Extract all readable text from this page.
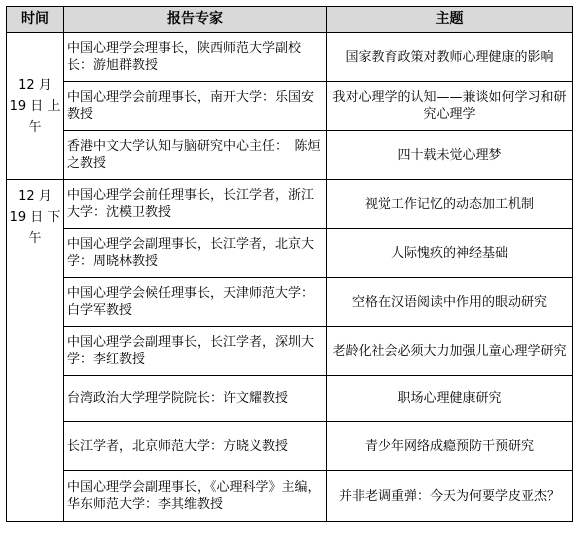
时间	报告专家	主题
12 月 19 日 上午	中国心理学会理事长，陕西师范大学副校长：游旭群教授	国家教育政策对教师心理健康的影响
	中国心理学会前理事长，南开大学：乐国安教授	我对心理学的认知——兼谈如何学习和研究心理学
	香港中文大学认知与脑研究中心主任：　陈烜之教授	四十载未觉心理梦
12 月 19 日 下午	中国心理学会前任理事长，长江学者，浙江大学：沈模卫教授	视觉工作记忆的动态加工机制
	中国心理学会副理事长，长江学者，北京大学：周晓林教授	人际愧疚的神经基础
	中国心理学会候任理事长，天津师范大学：白学军教授	空格在汉语阅读中作用的眼动研究
	中国心理学会副理事长，长江学者，深圳大学：李红教授	老龄化社会必须大力加强儿童心理学研究
	台湾政治大学理学院院长：许文耀教授	职场心理健康研究
	长江学者，北京师范大学：方晓义教授	青少年网络成瘾预防干预研究
	中国心理学会副理事长，《心理科学》主编，华东师范大学：李其维教授	并非老调重弹：今天为何要学皮亚杰？
